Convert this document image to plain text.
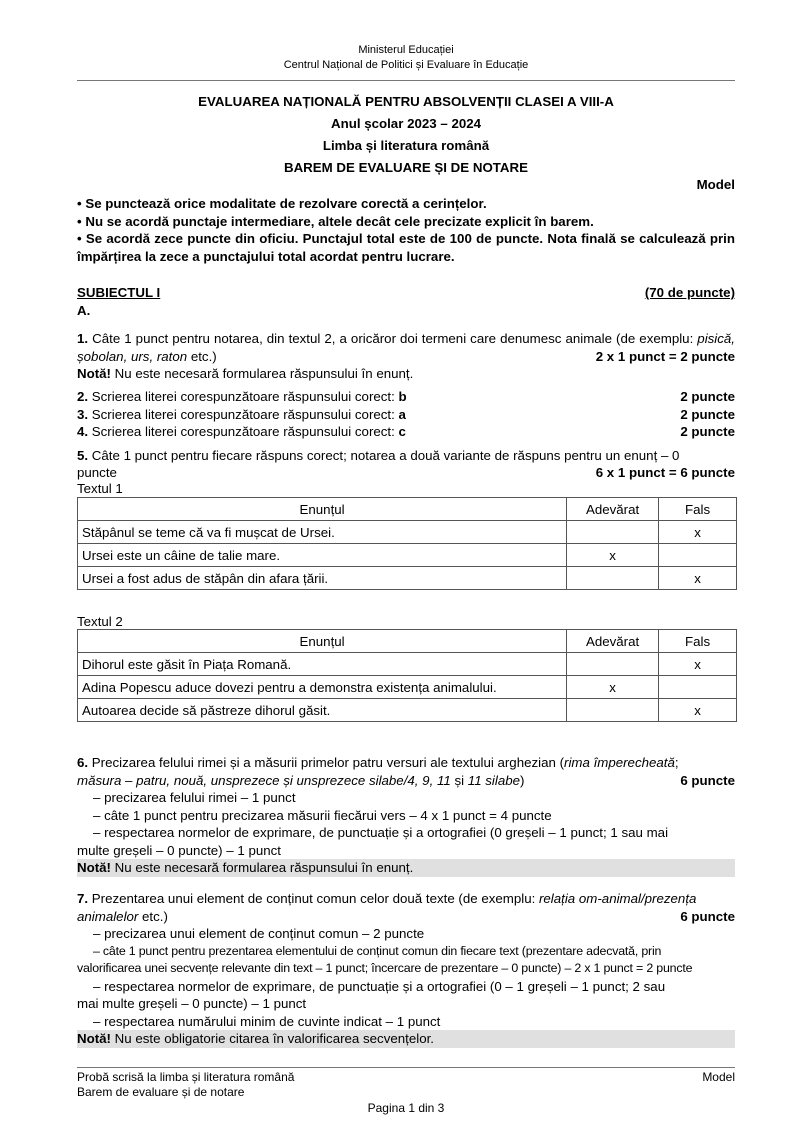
Ministerul Educației
Centrul Național de Politici și Evaluare în Educație
EVALUAREA NAȚIONALĂ PENTRU ABSOLVENȚII CLASEI A VIII-A
Anul școlar 2023 – 2024
Limba și literatura română
BAREM DE EVALUARE ȘI DE NOTARE
Model
• Se punctează orice modalitate de rezolvare corectă a cerințelor.
• Nu se acordă punctaje intermediare, altele decât cele precizate explicit în barem.
• Se acordă zece puncte din oficiu. Punctajul total este de 100 de puncte. Nota finală se calculează prin împărțirea la zece a punctajului total acordat pentru lucrare.
SUBIECTUL I	(70 de puncte)
A.
1. Câte 1 punct pentru notarea, din textul 2, a oricăror doi termeni care denumesc animale (de exemplu: pisică, șobolan, urs, raton etc.)	2 x 1 punct = 2 puncte
Notă! Nu este necesară formularea răspunsului în enunț.
2. Scrierea literei corespunzătoare răspunsului corect: b	2 puncte
3. Scrierea literei corespunzătoare răspunsului corect: a	2 puncte
4. Scrierea literei corespunzătoare răspunsului corect: c	2 puncte
5. Câte 1 punct pentru fiecare răspuns corect; notarea a două variante de răspuns pentru un enunț – 0
puncte	6 x 1 punct = 6 puncte
Textul 1
Enunțul	Adevărat	Fals
Stăpânul se teme că va fi mușcat de Ursei.		x
Ursei este un câine de talie mare.	x	
Ursei a fost adus de stăpân din afara țării.		x
Textul 2
Enunțul	Adevărat	Fals
Dihorul este găsit în Piața Romană.		x
Adina Popescu aduce dovezi pentru a demonstra existența animalului.	x	
Autoarea decide să păstreze dihorul găsit.		x
6. Precizarea felului rimei și a măsurii primelor patru versuri ale textului arghezian (rima împerecheată;
măsura – patru, nouă, unsprezece și unsprezece silabe/4, 9, 11 și 11 silabe)	6 puncte
– precizarea felului rimei – 1 punct
– câte 1 punct pentru precizarea măsurii fiecărui vers – 4 x 1 punct = 4 puncte
– respectarea normelor de exprimare, de punctuație și a ortografiei (0 greșeli – 1 punct; 1 sau mai
multe greșeli – 0 puncte) – 1 punct
Notă! Nu este necesară formularea răspunsului în enunț.
7. Prezentarea unui element de conținut comun celor două texte (de exemplu: relația om-animal/prezența animalelor etc.)	6 puncte
– precizarea unui element de conținut comun – 2 puncte
– câte 1 punct pentru prezentarea elementului de conținut comun din fiecare text (prezentare adecvată, prin
valorificarea unei secvențe relevante din text – 1 punct; încercare de prezentare – 0 puncte) – 2 x 1 punct = 2 puncte
– respectarea normelor de exprimare, de punctuație și a ortografiei (0 – 1 greșeli – 1 punct; 2 sau
mai multe greșeli – 0 puncte) – 1 punct
– respectarea numărului minim de cuvinte indicat – 1 punct
Notă! Nu este obligatorie citarea în valorificarea secvențelor.
Probă scrisă la limba și literatura română	Model
Barem de evaluare și de notare
Pagina 1 din 3
